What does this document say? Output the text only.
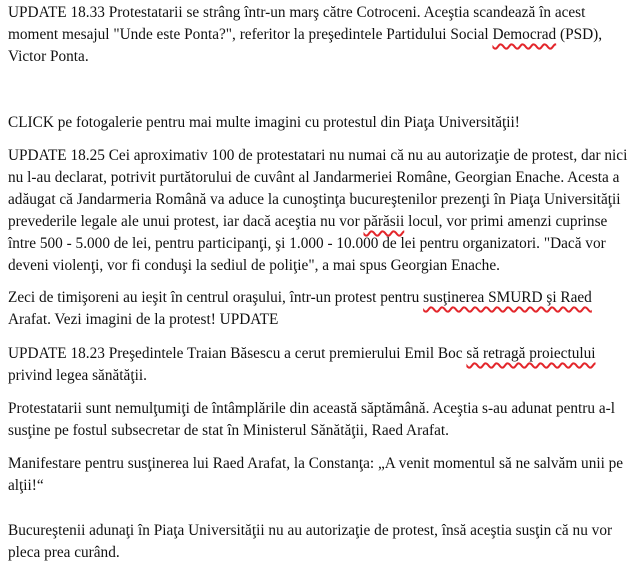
UPDATE 18.33 Protestatarii se strâng într-un marş către Cotroceni. Aceştia scandează în acest moment mesajul "Unde este Ponta?", referitor la preşedintele Partidului Social Democrad (PSD), Victor Ponta.

CLICK pe fotogalerie pentru mai multe imagini cu protestul din Piaţa Universităţii!

UPDATE 18.25 Cei aproximativ 100 de protestatari nu numai că nu au autorizaţie de protest, dar nici nu l-au declarat, potrivit purtătorului de cuvânt al Jandarmeriei Române, Georgian Enache. Acesta a adăugat că Jandarmeria Română va aduce la cunoştinţa bucureştenilor prezenţi în Piaţa Universităţii prevederile legale ale unui protest, iar dacă aceştia nu vor părăsii locul, vor primi amenzi cuprinse între 500 - 5.000 de lei, pentru participanţi, şi 1.000 - 10.000 de lei pentru organizatori. "Dacă vor deveni violenţi, vor fi conduşi la sediul de poliţie", a mai spus Georgian Enache.

Zeci de timişoreni au ieşit în centrul oraşului, într-un protest pentru susţinerea SMURD şi Raed Arafat. Vezi imagini de la protest! UPDATE

UPDATE 18.23 Preşedintele Traian Băsescu a cerut premierului Emil Boc să retragă proiectului privind legea sănătăţii.

Protestatarii sunt nemulţumiţi de întâmplările din această săptămână. Aceştia s-au adunat pentru a-l susţine pe fostul subsecretar de stat în Ministerul Sănătăţii, Raed Arafat.

Manifestare pentru susţinerea lui Raed Arafat, la Constanţa: „A venit momentul să ne salvăm unii pe alţii!“

Bucureştenii adunaţi în Piaţa Universităţii nu au autorizaţie de protest, însă aceştia susţin că nu vor pleca prea curând.
